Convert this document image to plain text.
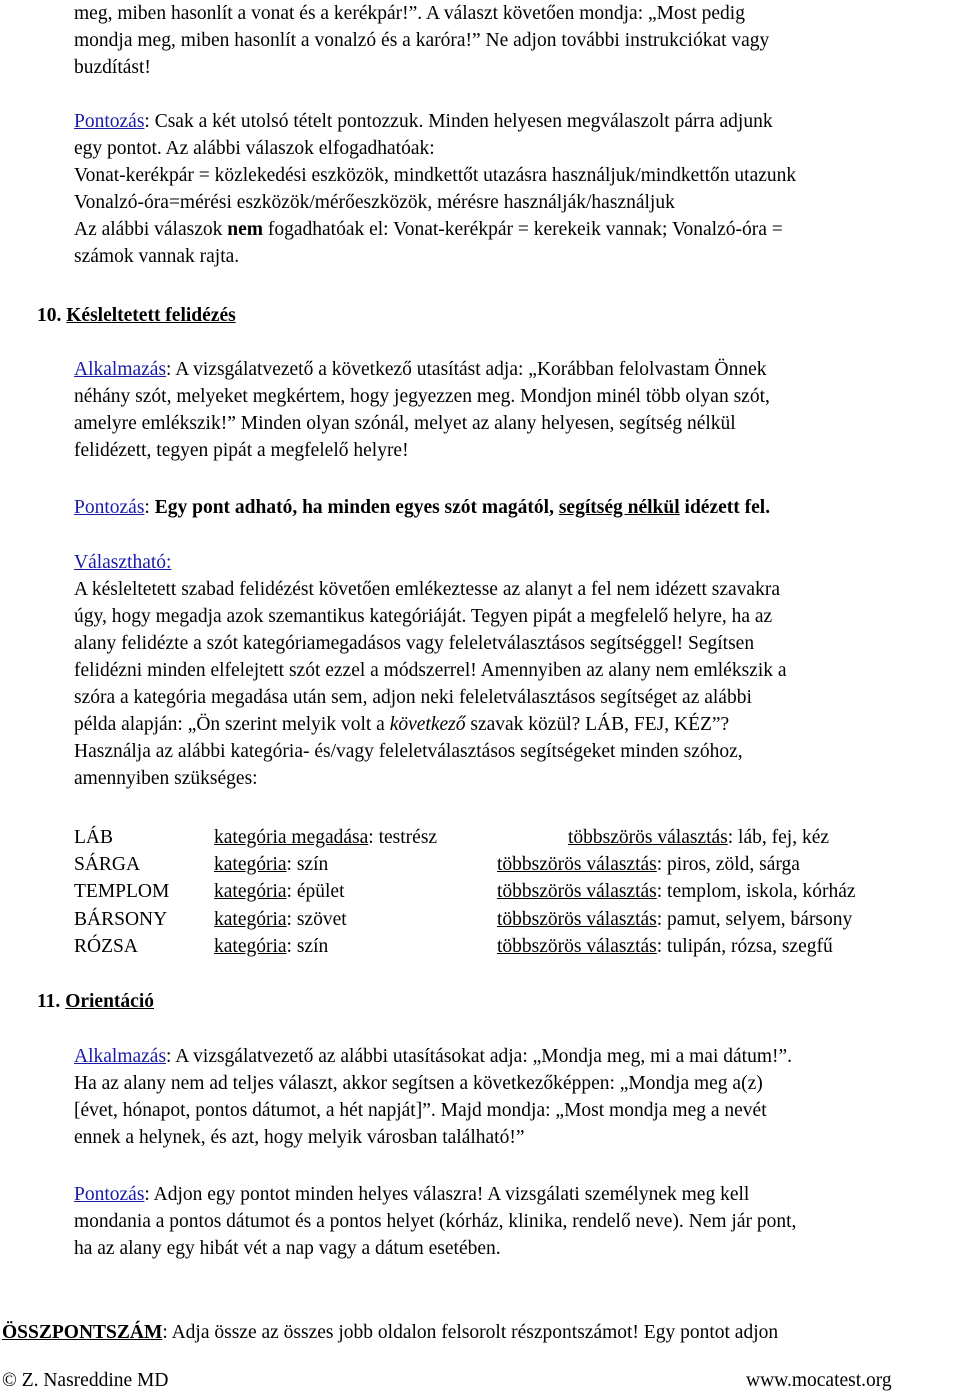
meg, miben hasonlít a vonat és a kerékpár!”. A választ követően mondja: „Most pedig
mondja meg, miben hasonlít a vonalzó és a karóra!” Ne adjon további instrukciókat vagy
buzdítást!
Pontozás: Csak a két utolsó tételt pontozzuk. Minden helyesen megválaszolt párra adjunk
egy pontot. Az alábbi válaszok elfogadhatóak:
Vonat-kerékpár = közlekedési eszközök, mindkettőt utazásra használjuk/mindkettőn utazunk
Vonalzó-óra=mérési eszközök/mérőeszközök, mérésre használják/használjuk
Az alábbi válaszok nem fogadhatóak el: Vonat-kerékpár = kerekeik vannak; Vonalzó-óra =
számok vannak rajta.
10. Késleltetett felidézés
Alkalmazás: A vizsgálatvezető a következő utasítást adja: „Korábban felolvastam Önnek
néhány szót, melyeket megkértem, hogy jegyezzen meg. Mondjon minél több olyan szót,
amelyre emlékszik!” Minden olyan szónál, melyet az alany helyesen, segítség nélkül
felidézett, tegyen pipát a megfelelő helyre!
Pontozás: Egy pont adható, ha minden egyes szót magától, segítség nélkül idézett fel.
Választható:
A késleltetett szabad felidézést követően emlékeztesse az alanyt a fel nem idézett szavakra
úgy, hogy megadja azok szemantikus kategóriáját. Tegyen pipát a megfelelő helyre, ha az
alany felidézte a szót kategóriamegadásos vagy feleletválasztásos segítséggel! Segítsen
felidézni minden elfelejtett szót ezzel a módszerrel! Amennyiben az alany nem emlékszik a
szóra a kategória megadása után sem, adjon neki feleletválasztásos segítséget az alábbi
példa alapján: „Ön szerint melyik volt a következő szavak közül? LÁB, FEJ, KÉZ”?
Használja az alábbi kategória- és/vagy feleletválasztásos segítségeket minden szóhoz,
amennyiben szükséges:
LÁB	kategória megadása: testrész	többszörös választás: láb, fej, kéz
SÁRGA	kategória: szín	többszörös választás: piros, zöld, sárga
TEMPLOM kategória: épület	többszörös választás: templom, iskola, kórház
BÁRSONY kategória: szövet	többszörös választás: pamut, selyem, bársony
RÓZSA	kategória: szín	többszörös választás: tulipán, rózsa, szegfű
11. Orientáció
Alkalmazás: A vizsgálatvezető az alábbi utasításokat adja: „Mondja meg, mi a mai dátum!”.
Ha az alany nem ad teljes választ, akkor segítsen a következőképpen: „Mondja meg a(z)
[évet, hónapot, pontos dátumot, a hét napját]”. Majd mondja: „Most mondja meg a nevét
ennek a helynek, és azt, hogy melyik városban található!”
Pontozás: Adjon egy pontot minden helyes válaszra! A vizsgálati személynek meg kell
mondania a pontos dátumot és a pontos helyet (kórház, klinika, rendelő neve). Nem jár pont,
ha az alany egy hibát vét a nap vagy a dátum esetében.
ÖSSZPONTSZÁM: Adja össze az összes jobb oldalon felsorolt részpontszámot! Egy pontot adjon
© Z. Nasreddine MD	www.mocatest.org
